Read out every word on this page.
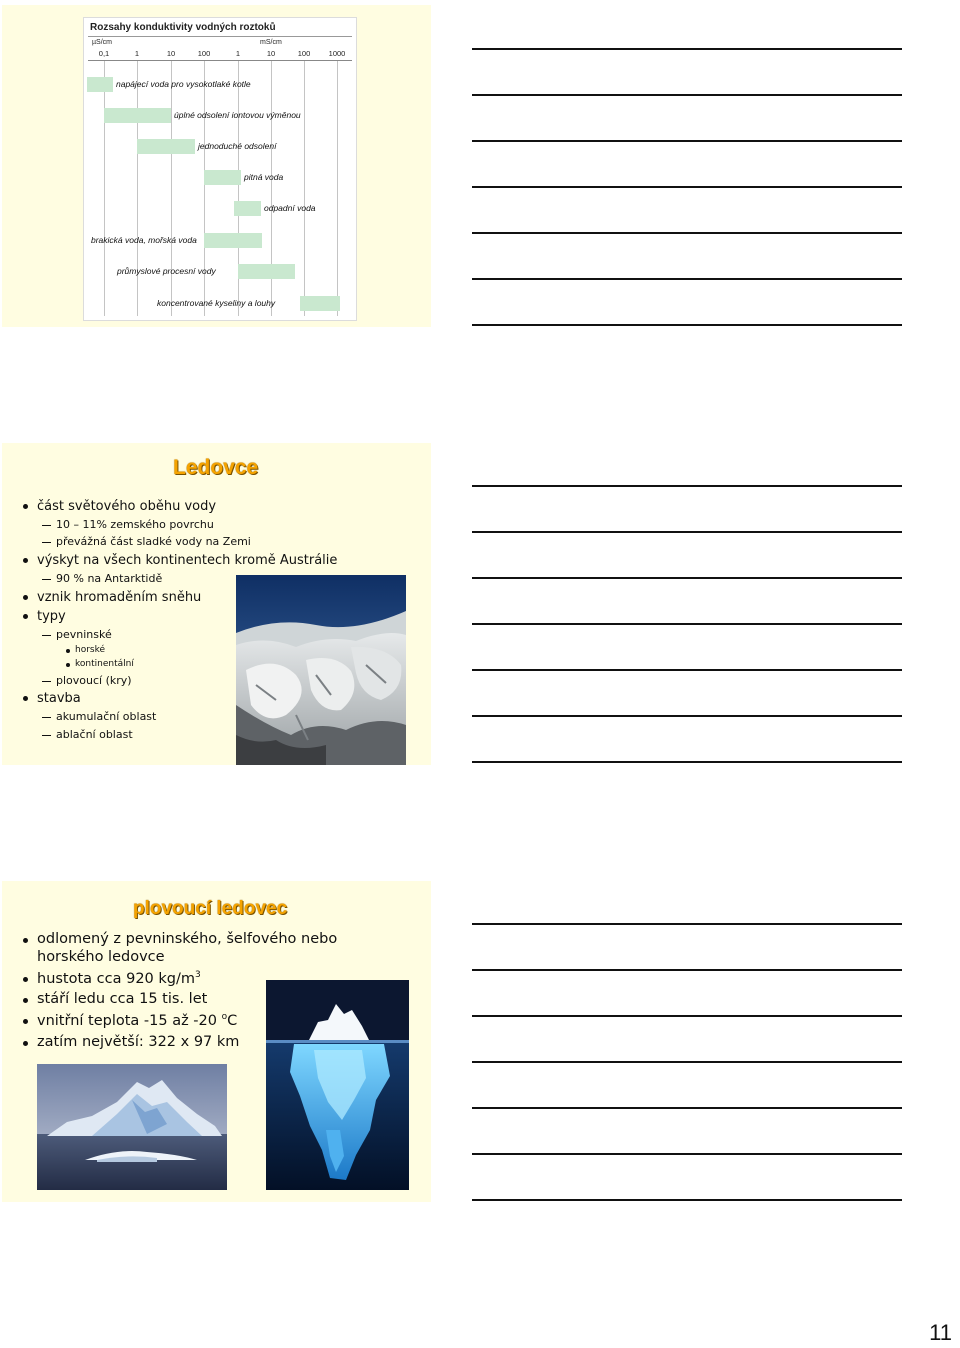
Rozsahy konduktivity vodných roztoků
µS/cm	mS/cm
0,1	1	10	100	1	10	100 1000
napájecí voda pro vysokotlaké kotle
úplné odsolení iontovou výměnou
jednoduché odsolení
pitná voda
odpadní voda
brakická voda, mořská voda
průmyslové procesní vody
koncentrované kyseliny a louhy
Ledovce
část světového oběhu vody
10 – 11% zemského povrchu
převážná část sladké vody na Zemi
výskyt na všech kontinentech kromě Austrálie
90 % na Antarktidě
vznik hromaděním sněhu
typy
pevninské
horské
kontinentální
plovoucí (kry)
stavba
akumulační oblast
ablační oblast
plovoucí ledovec
odlomený z pevninského, šelfového nebo
horského ledovce
hustota cca 920 $kg/m^3$
stáří ledu cca 15 tis. let
vnitřní teplota -15 až -20 $^o$C
zatím největší: 322 x 97 km
11
